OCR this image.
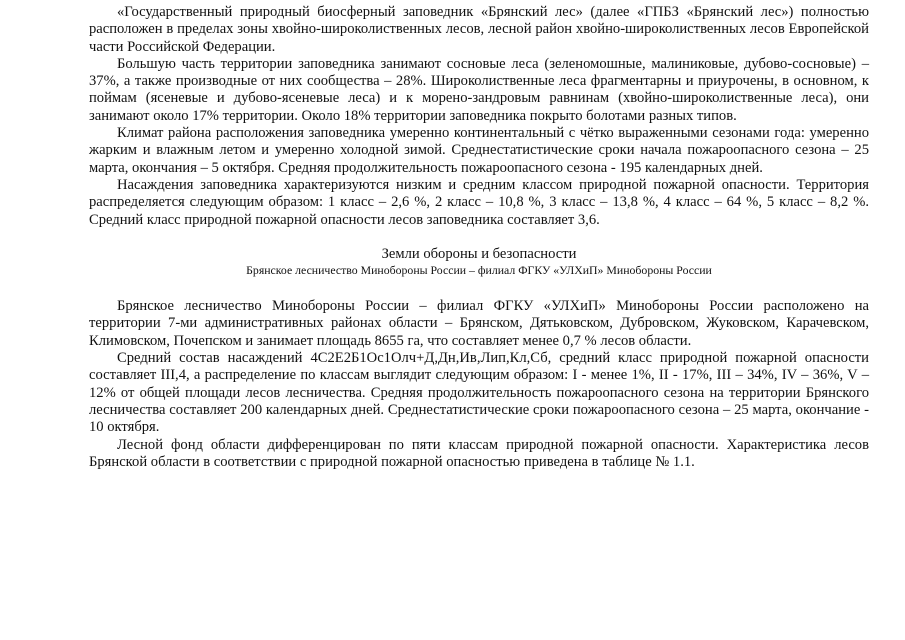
«Государственный природный биосферный заповедник «Брянский лес» (далее «ГПБЗ «Брянский лес») полностью расположен в пределах зоны хвойно-широколиственных лесов, лесной район хвойно-широколиственных лесов Европейской части Российской Федерации.

Большую часть территории заповедника занимают сосновые леса (зеленомошные, малиниковые, дубово-сосновые) – 37%, а также производные от них сообщества – 28%. Широколиственные леса фрагментарны и приурочены, в основном, к поймам (ясеневые и дубово-ясеневые леса) и к морено-зандровым равнинам (хвойно-широколиственные леса), они занимают около 17% территории. Около 18% территории заповедника покрыто болотами разных типов.

Климат района расположения заповедника умеренно континентальный с чётко выраженными сезонами года: умеренно жарким и влажным летом и умеренно холодной зимой. Среднестатистические сроки начала пожароопасного сезона – 25 марта, окончания – 5 октября. Средняя продолжительность пожароопасного сезона - 195 календарных дней.

Насаждения заповедника характеризуются низким и средним классом природной пожарной опасности. Территория распределяется следующим образом: 1 класс – 2,6 %, 2 класс – 10,8 %, 3 класс – 13,8 %, 4 класс – 64 %, 5 класс – 8,2 %. Средний класс природной пожарной опасности лесов заповедника составляет 3,6.

Земли обороны и безопасности

Брянское лесничество Минобороны России – филиал ФГКУ «УЛХиП» Минобороны России

Брянское лесничество Минобороны России – филиал ФГКУ «УЛХиП» Минобороны России расположено на территории 7-ми административных районах области – Брянском, Дятьковском, Дубровском, Жуковском, Карачевском, Климовском, Почепском и занимает площадь 8655 га, что составляет менее 0,7 % лесов области.

Средний состав насаждений 4С2Е2Б1Ос1Олч+Д,Дн,Ив,Лип,Кл,Сб, средний класс природной пожарной опасности составляет III,4, а распределение по классам выглядит следующим образом: I - менее 1%, II - 17%, III – 34%, IV – 36%, V – 12% от общей площади лесов лесничества. Средняя продолжительность пожароопасного сезона на территории Брянского лесничества составляет 200 календарных дней. Среднестатистические сроки пожароопасного сезона – 25 марта, окончание - 10 октября.

Лесной фонд области дифференцирован по пяти классам природной пожарной опасности. Характеристика лесов Брянской области в соответствии с природной пожарной опасностью приведена в таблице № 1.1.
